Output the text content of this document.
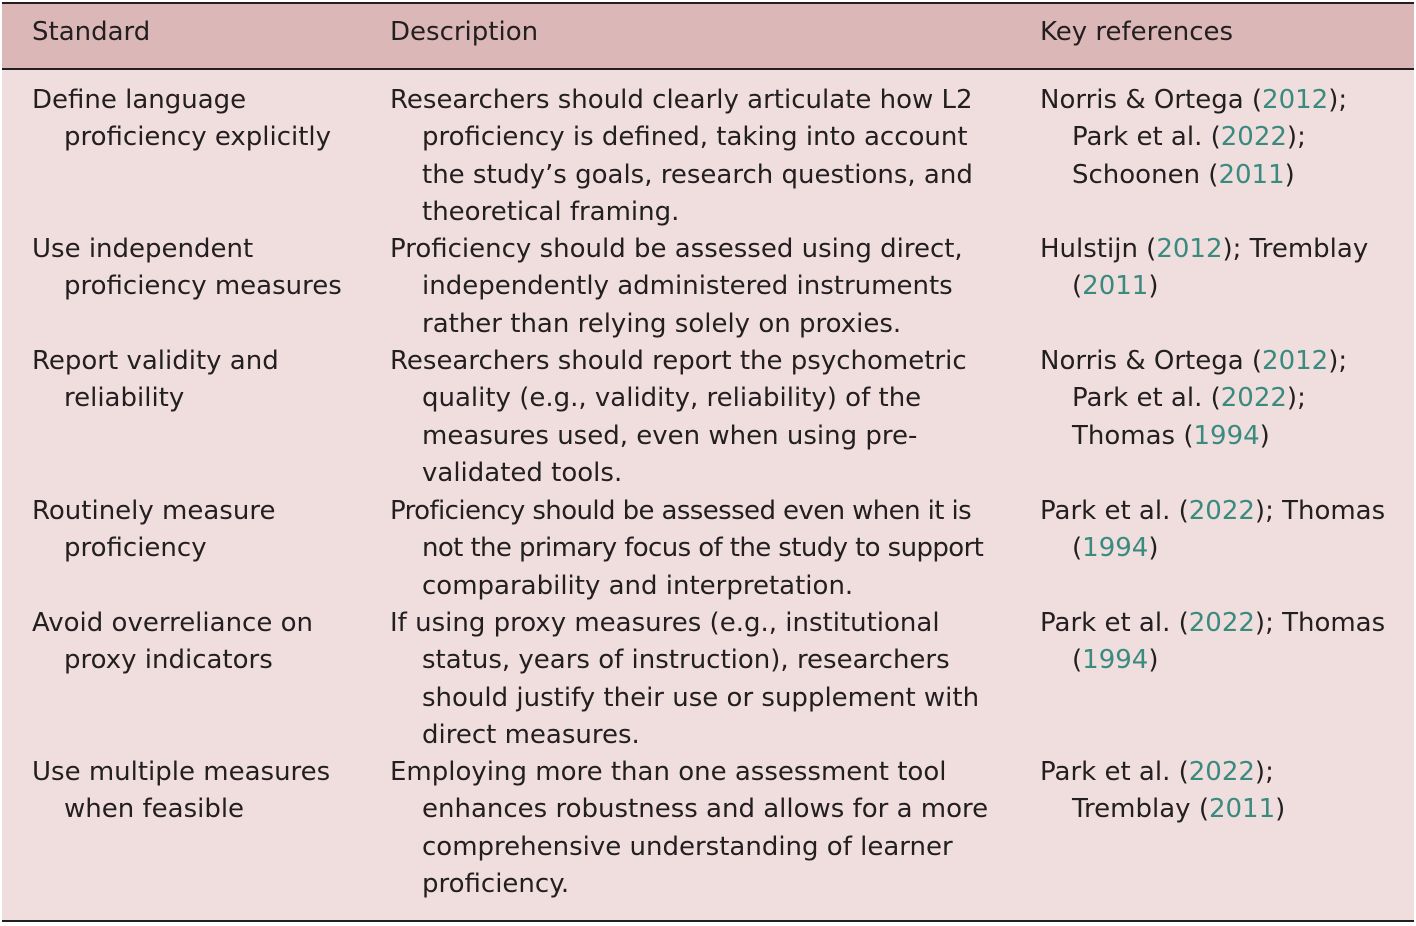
Standard	Description	Key references
Define language
proficiency explicitly
Researchers should clearly articulate how L2
proficiency is defined, taking into account
the study’s goals, research questions, and
theoretical framing.
Norris & Ortega (2012);
Park et al. (2022);
Schoonen (2011)
Use independent
proficiency measures
Proficiency should be assessed using direct,
independently administered instruments
rather than relying solely on proxies.
Hulstijn (2012); Tremblay
(2011)
Report validity and
reliability
Researchers should report the psychometric
quality (e.g., validity, reliability) of the
measures used, even when using pre-
validated tools.
Norris & Ortega (2012);
Park et al. (2022);
Thomas (1994)
Routinely measure
proficiency
Proficiency should be assessed even when it is
not the primary focus of the study to support
comparability and interpretation.
Park et al. (2022); Thomas
(1994)
Avoid overreliance on
proxy indicators
If using proxy measures (e.g., institutional
status, years of instruction), researchers
should justify their use or supplement with
direct measures.
Park et al. (2022); Thomas
(1994)
Use multiple measures
when feasible
Employing more than one assessment tool
enhances robustness and allows for a more
comprehensive understanding of learner
proficiency.
Park et al. (2022);
Tremblay (2011)
